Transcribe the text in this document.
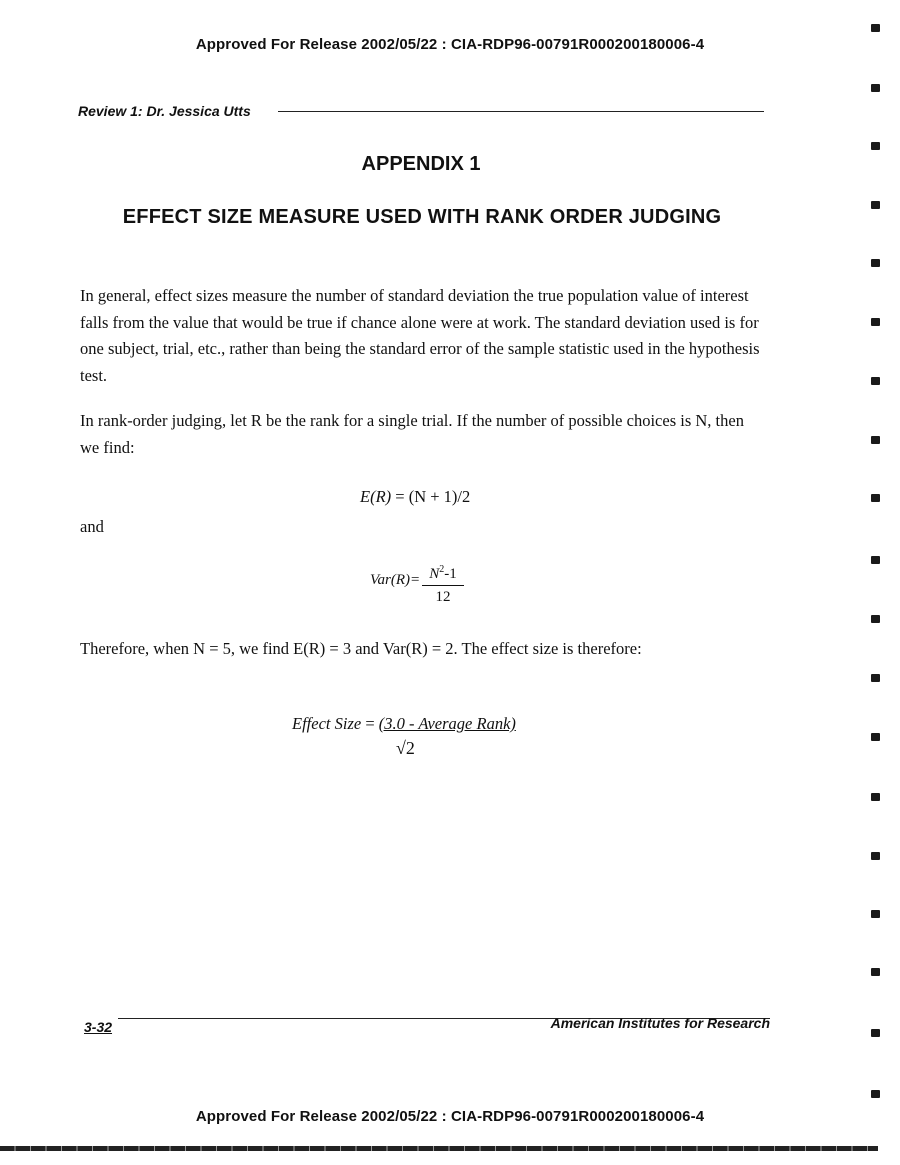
Approved For Release 2002/05/22 : CIA-RDP96-00791R000200180006-4
Review 1: Dr. Jessica Utts
APPENDIX 1
EFFECT SIZE MEASURE USED WITH RANK ORDER JUDGING
In general, effect sizes measure the number of standard deviation the true population value of interest falls from the value that would be true if chance alone were at work. The standard deviation used is for one subject, trial, etc., rather than being the standard error of the sample statistic used in the hypothesis test.
In rank-order judging, let R be the rank for a single trial. If the number of possible choices is N, then we find:
E(R) = (N + 1)/2
and
$Var(R)= N^2-1$
12
Therefore, when N = 5, we find E(R) = 3 and Var(R) = 2. The effect size is therefore:
Effect Size = (3.0 - Average Rank)
√2
3-32	American Institutes for Research
Approved For Release 2002/05/22 : CIA-RDP96-00791R000200180006-4
